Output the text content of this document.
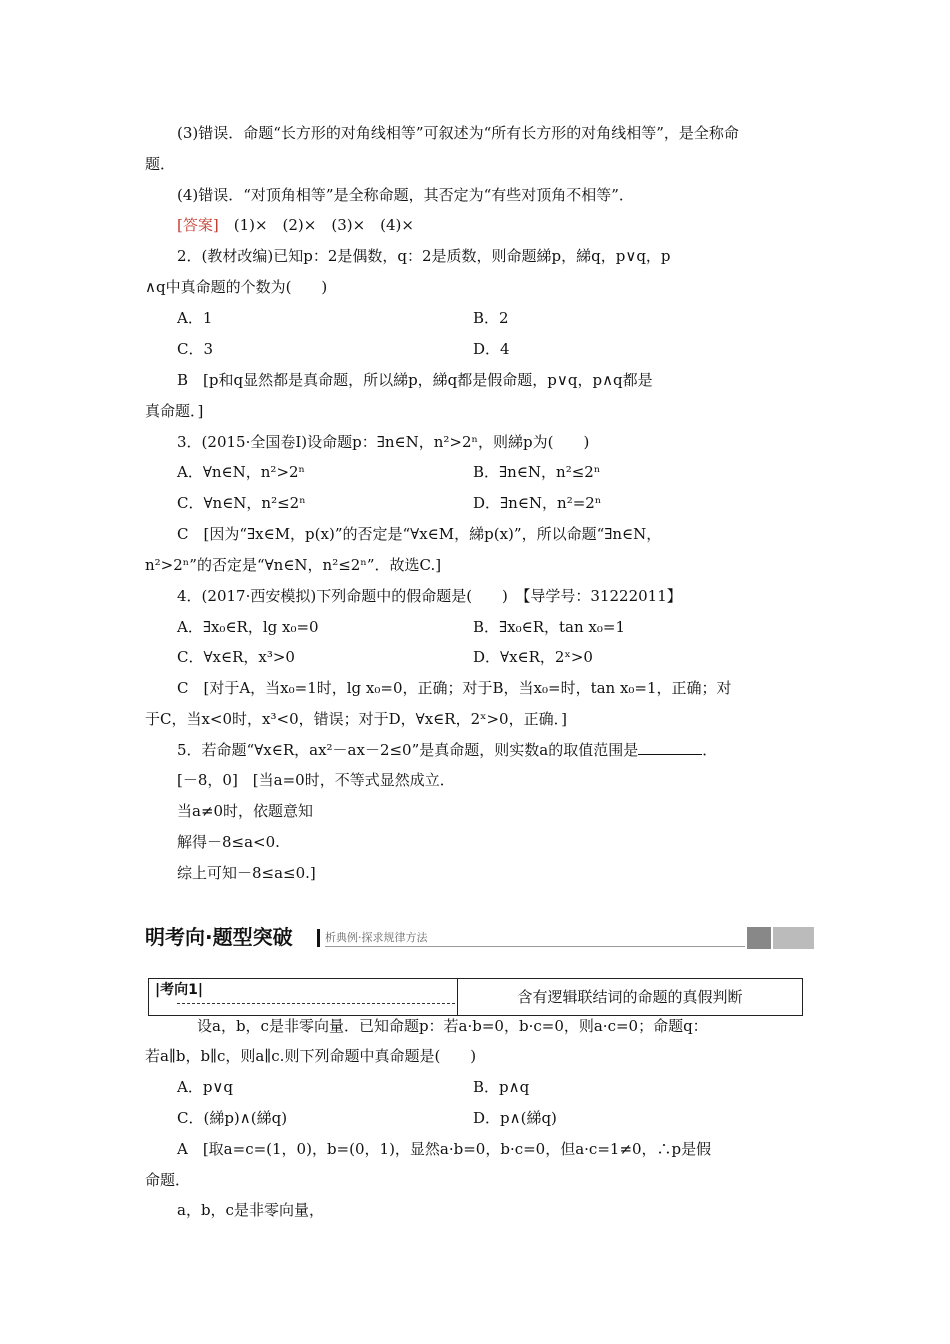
(3)错误．命题“长方形的对角线相等”可叙述为“所有长方形的对角线相等”，是全称命
题．
(4)错误．“对顶角相等”是全称命题，其否定为“有些对顶角不相等”．
[答案]　(1)×　(2)×　(3)×　(4)×
2．(教材改编)已知p：2是偶数，q：2是质数，则命题綈p，綈q，p∨q，p
∧q中真命题的个数为(　　)
A．1	B．2
C．3	D．4
B　[p和q显然都是真命题，所以綈p，綈q都是假命题，p∨q，p∧q都是
真命题．]
3．(2015·全国卷Ⅰ)设命题p：∃n∈N，n²>2ⁿ，则綈p为(　　)
A．∀n∈N，n²>2ⁿ	B．∃n∈N，n²≤2ⁿ
C．∀n∈N，n²≤2ⁿ	D．∃n∈N，n²=2ⁿ
C　[因为“∃x∈M，p(x)”的否定是“∀x∈M，綈p(x)”，所以命题“∃n∈N，
n²>2ⁿ”的否定是“∀n∈N，n²≤2ⁿ”．故选C.]
4．(2017·西安模拟)下列命题中的假命题是(　　)　【导学号：31222011】
A．∃x₀∈R，lg x₀=0	B．∃x₀∈R，tan x₀=1
C．∀x∈R，x³>0	D．∀x∈R，2ˣ>0
C　[对于A，当x₀=1时，lg x₀=0，正确；对于B，当x₀=时，tan x₀=1，正确；对
于C，当x<0时，x³<0，错误；对于D，∀x∈R，2ˣ>0，正确．]
5．若命题“∀x∈R，ax²－ax－2≤0”是真命题，则实数a的取值范围是	．
[－8，0]　[当a=0时，不等式显然成立．
当a≠0时，依题意知
解得－8≤a<0.
综上可知－8≤a≤0.]
明考向·题型突破	析典例·探求规律方法
|考向1|	含有逻辑联结词的命题的真假判断
设a，b，c是非零向量．已知命题p：若a·b=0，b·c=0，则a·c=0；命题q：
若a∥b，b∥c，则a∥c.则下列命题中真命题是(　　)
A．p∨q	B．p∧q
C．(綈p)∧(綈q)	D．p∧(綈q)
A　[取a=c=(1，0)，b=(0，1)，显然a·b=0，b·c=0，但a·c=1≠0，∴p是假
命题．
a，b，c是非零向量，
